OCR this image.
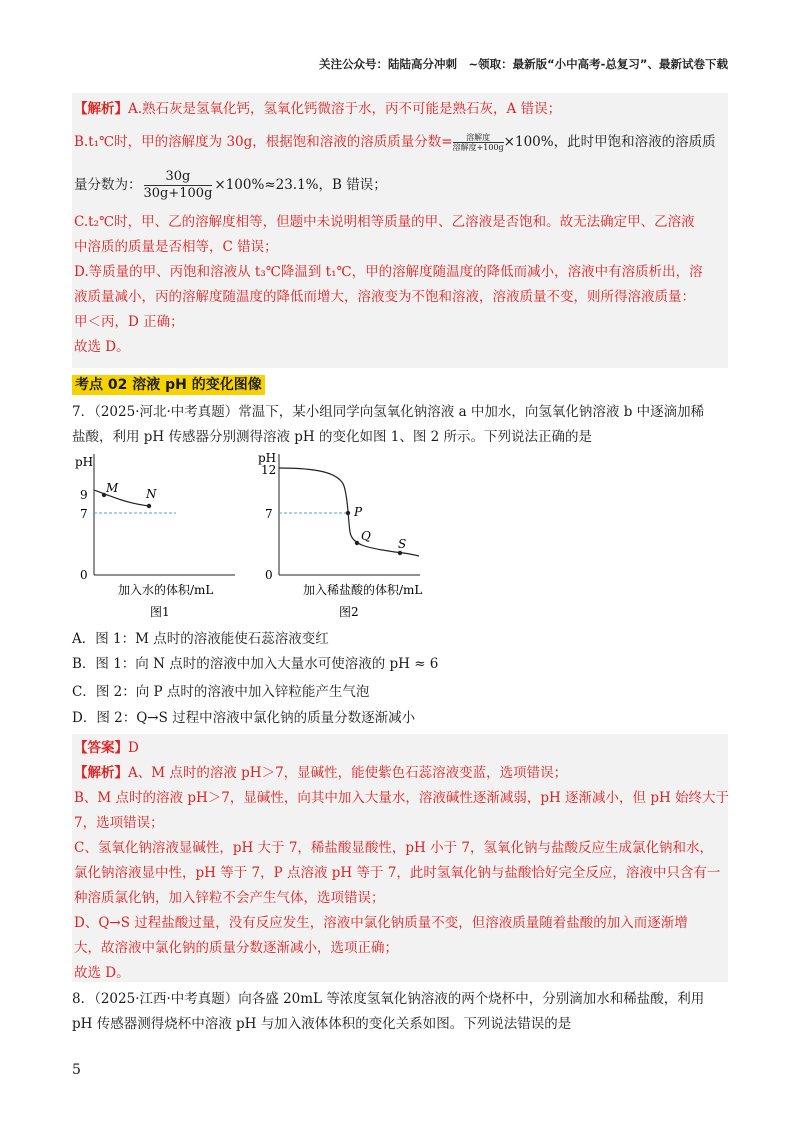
关注公众号：陆陆高分冲刺　~领取：最新版“小中高考-总复习”、最新试卷下载
【解析】A.熟石灰是氢氧化钙，氢氧化钙微溶于水，丙不可能是熟石灰，A 错误；
B.t₁℃时，甲的溶解度为 30g，根据饱和溶液的溶质质量分数= $\frac{\text{溶解度}}{\text{溶解度+100g}} \times 100\%$，此时甲饱和溶液的溶质质
量分数为： $\frac{30g}{30g+100g} \times 100\%\approx 23.1\%$，B 错误；
C.t₂℃时，甲、乙的溶解度相等，但题中未说明相等质量的甲、乙溶液是否饱和。故无法确定甲、乙溶液
中溶质的质量是否相等，C 错误；
D.等质量的甲、丙饱和溶液从 t₃℃降温到 t₁℃，甲的溶解度随温度的降低而减小，溶液中有溶质析出，溶
液质量减小，丙的溶解度随温度的降低而增大，溶液变为不饱和溶液，溶液质量不变，则所得溶液质量：
甲＜丙，D 正确；
故选 D。
考点 02 溶液 pH 的变化图像
7．（2025·河北·中考真题）常温下，某小组同学向氢氧化钠溶液 a 中加水，向氢氧化钠溶液 b 中逐滴加稀
盐酸，利用 pH 传感器分别测得溶液 pH 的变化如图 1、图 2 所示。下列说法正确的是
pH
9
7
0
M N
加入水的体积/mL
图1
pH
12
7
0
P
Q
S
加入稀盐酸的体积/mL
图2
A．图 1：M 点时的溶液能使石蕊溶液变红
B．图 1：向 N 点时的溶液中加入大量水可使溶液的 pH ≈ 6
C．图 2：向 P 点时的溶液中加入锌粒能产生气泡
D．图 2：Q→S 过程中溶液中氯化钠的质量分数逐渐减小
【答案】D
【解析】A、M 点时的溶液 pH＞7，显碱性，能使紫色石蕊溶液变蓝，选项错误；
B、M 点时的溶液 pH＞7，显碱性，向其中加入大量水，溶液碱性逐渐减弱，pH 逐渐减小，但 pH 始终大于
7，选项错误；
C、氢氧化钠溶液显碱性，pH 大于 7，稀盐酸显酸性，pH 小于 7，氢氧化钠与盐酸反应生成氯化钠和水，
氯化钠溶液显中性，pH 等于 7，P 点溶液 pH 等于 7，此时氢氧化钠与盐酸恰好完全反应，溶液中只含有一
种溶质氯化钠，加入锌粒不会产生气体，选项错误；
D、Q→S 过程盐酸过量，没有反应发生，溶液中氯化钠质量不变，但溶液质量随着盐酸的加入而逐渐增
大，故溶液中氯化钠的质量分数逐渐减小，选项正确；
故选 D。
8．（2025·江西·中考真题）向各盛 20mL 等浓度氢氧化钠溶液的两个烧杯中，分别滴加水和稀盐酸，利用
pH 传感器测得烧杯中溶液 pH 与加入液体体积的变化关系如图。下列说法错误的是
5
